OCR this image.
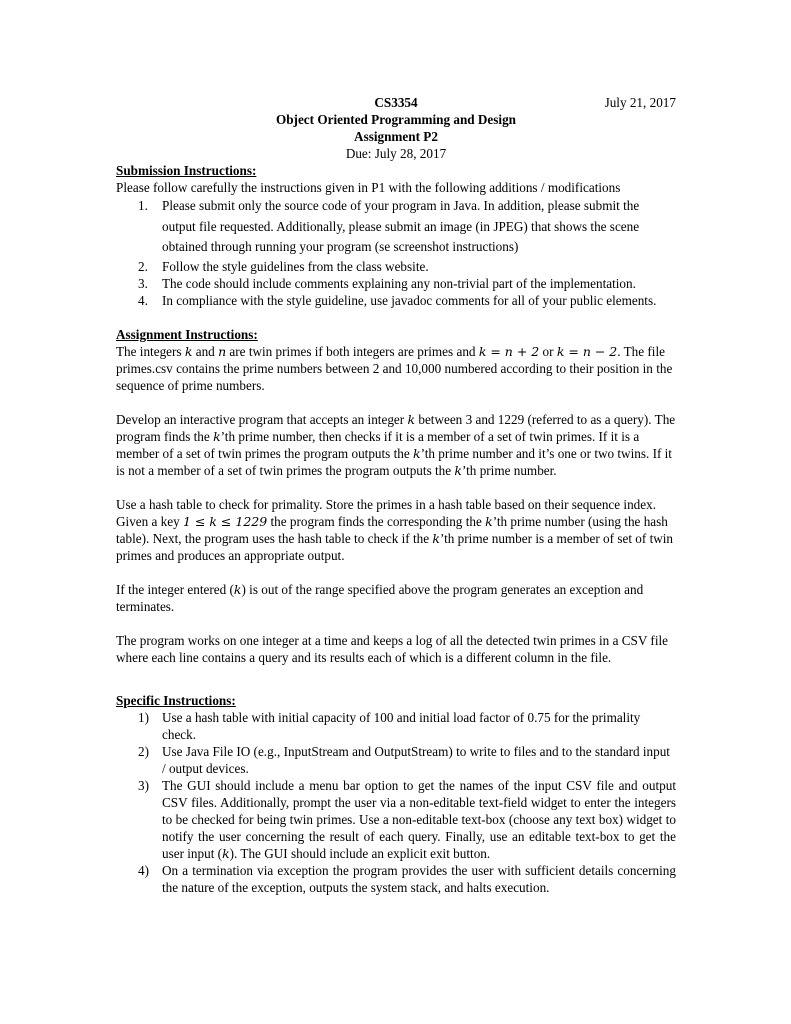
CS3354	July 21, 2017
Object Oriented Programming and Design
Assignment P2
Due: July 28, 2017
Submission Instructions:

Please follow carefully the instructions given in P1 with the following additions / modifications

1. Please submit only the source code of your program in Java. In addition, please submit the output file requested. Additionally, please submit an image (in JPEG) that shows the scene obtained through running your program (se screenshot instructions)
2. Follow the style guidelines from the class website.
3. The code should include comments explaining any non-trivial part of the implementation.
4. In compliance with the style guideline, use javadoc comments for all of your public elements.
Assignment Instructions:

The integers k and n are twin primes if both integers are primes and k = n + 2 or k = n − 2. The file primes.csv contains the prime numbers between 2 and 10,000 numbered according to their position in the sequence of prime numbers.

Develop an interactive program that accepts an integer k between 3 and 1229 (referred to as a query). The program finds the k’th prime number, then checks if it is a member of a set of twin primes. If it is a member of a set of twin primes the program outputs the k’th prime number and it’s one or two twins. If it is not a member of a set of twin primes the program outputs the k’th prime number.

Use a hash table to check for primality. Store the primes in a hash table based on their sequence index. Given a key 1 ≤ k ≤ 1229 the program finds the corresponding the k’th prime number (using the hash table). Next, the program uses the hash table to check if the k’th prime number is a member of set of twin primes and produces an appropriate output.

If the integer entered (k) is out of the range specified above the program generates an exception and terminates.

The program works on one integer at a time and keeps a log of all the detected twin primes in a CSV file where each line contains a query and its results each of which is a different column in the file.

Specific Instructions:
1) Use a hash table with initial capacity of 100 and initial load factor of 0.75 for the primality check.
2) Use Java File IO (e.g., InputStream and OutputStream) to write to files and to the standard input / output devices.
3) The GUI should include a menu bar option to get the names of the input CSV file and output CSV files. Additionally, prompt the user via a non-editable text-field widget to enter the integers to be checked for being twin primes. Use a non-editable text-box (choose any text box) widget to notify the user concerning the result of each query. Finally, use an editable text-box to get the user input (k). The GUI should include an explicit exit button.
4) On a termination via exception the program provides the user with sufficient details concerning the nature of the exception, outputs the system stack, and halts execution.
